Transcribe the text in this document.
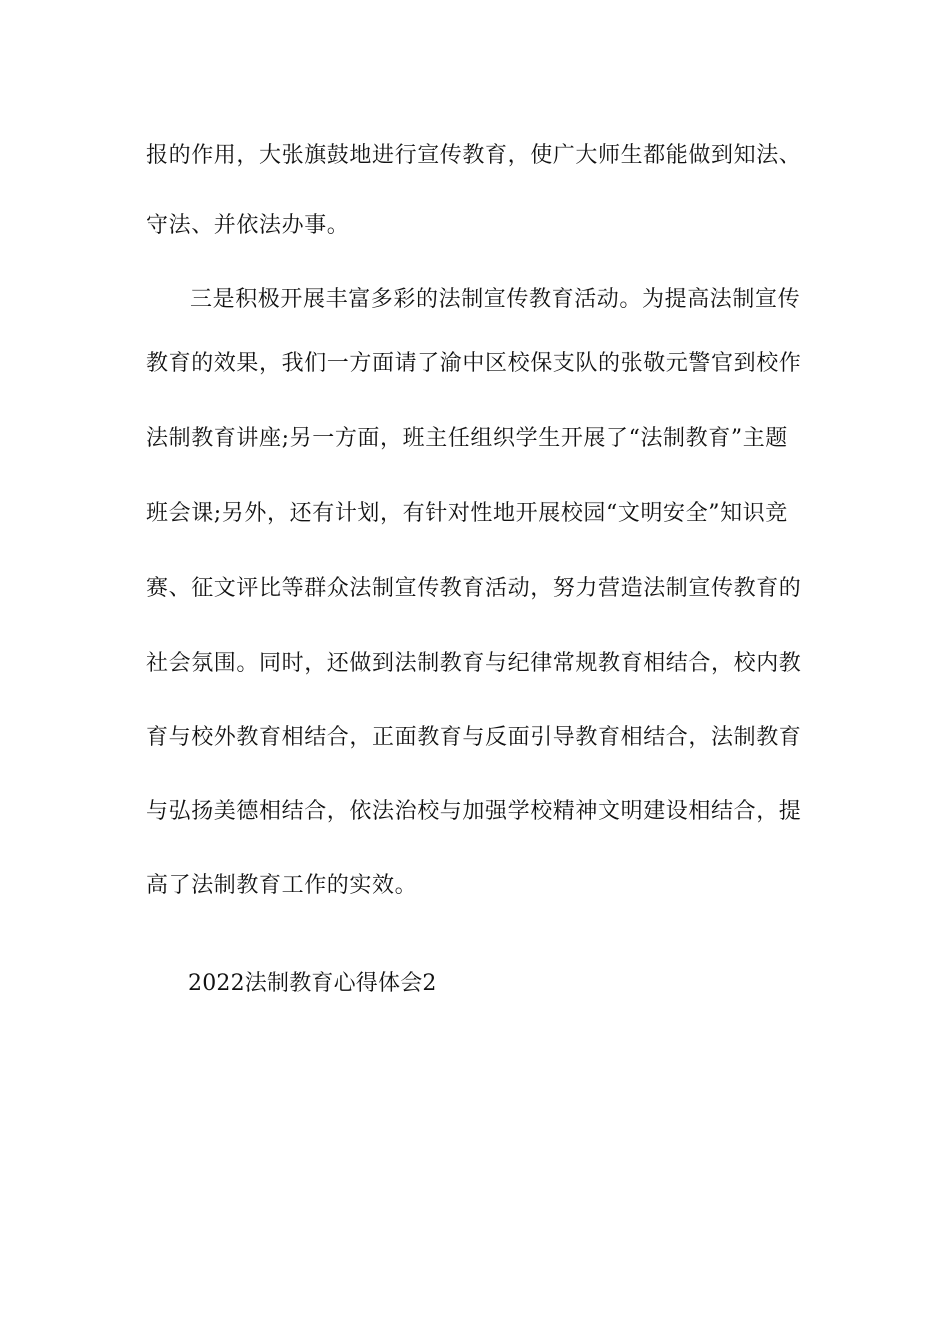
报的作用，大张旗鼓地进行宣传教育，使广大师生都能做到知法、
守法、并依法办事。
三是积极开展丰富多彩的法制宣传教育活动。为提高法制宣传
教育的效果，我们一方面请了渝中区校保支队的张敬元警官到校作
法制教育讲座;另一方面，班主任组织学生开展了“法制教育”主题
班会课;另外，还有计划，有针对性地开展校园“文明安全”知识竞
赛、征文评比等群众法制宣传教育活动，努力营造法制宣传教育的
社会氛围。同时，还做到法制教育与纪律常规教育相结合，校内教
育与校外教育相结合，正面教育与反面引导教育相结合，法制教育
与弘扬美德相结合，依法治校与加强学校精神文明建设相结合，提
高了法制教育工作的实效。
2022法制教育心得体会2
